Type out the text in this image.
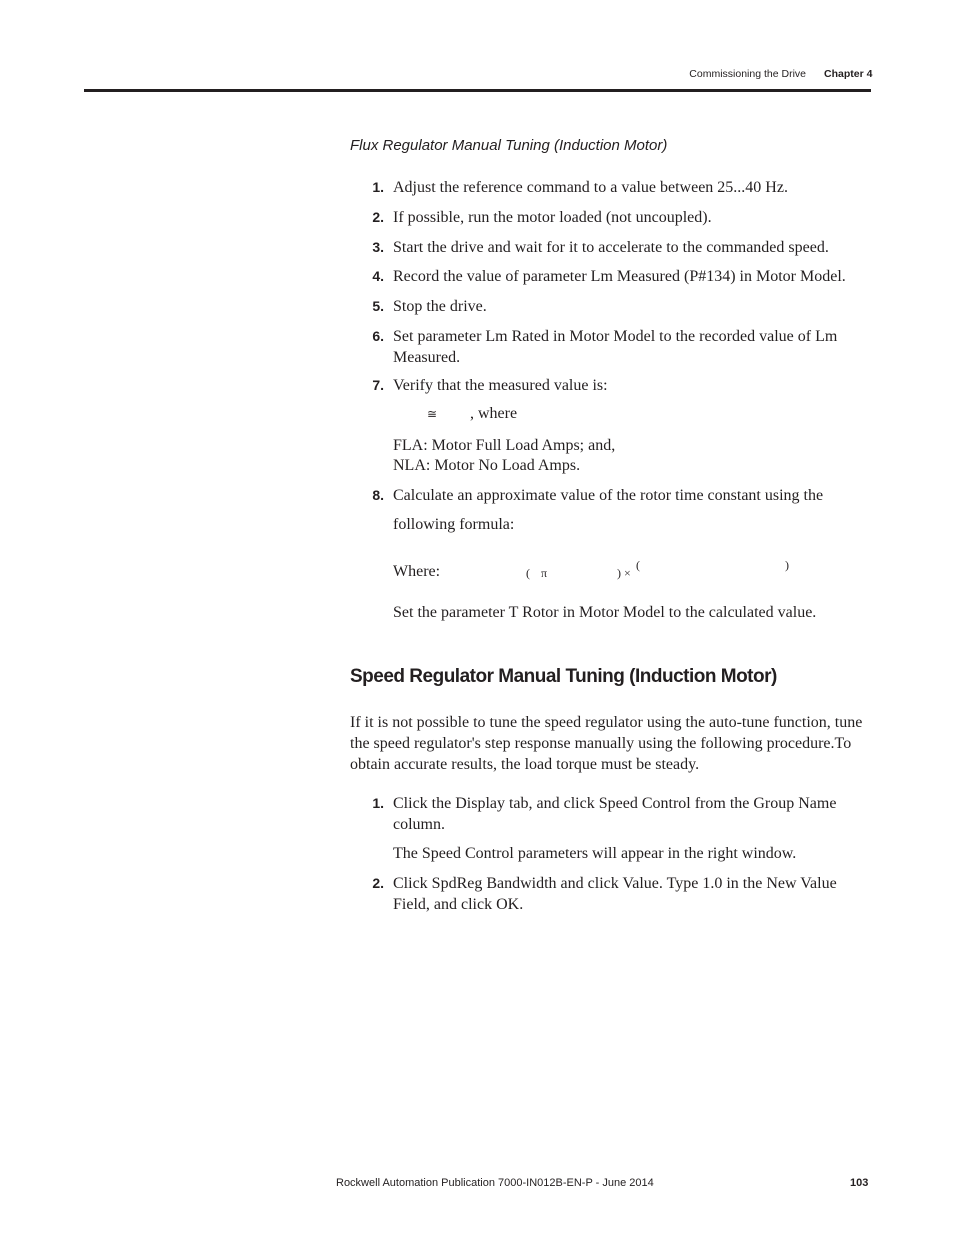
Commissioning the Drive Chapter 4
Flux Regulator Manual Tuning (Induction Motor)
1. Adjust the reference command to a value between 25...40 Hz.
2. If possible, run the motor loaded (not uncoupled).
3. Start the drive and wait for it to accelerate to the commanded speed.
4. Record the value of parameter Lm Measured (P#134) in Motor Model.
5. Stop the drive.
6. Set parameter Lm Rated in Motor Model to the recorded value of Lm Measured.
7. Verify that the measured value is:
≅ , where
FLA: Motor Full Load Amps; and,
NLA: Motor No Load Amps.
8. Calculate an approximate value of the rotor time constant using the following formula:
Where:	( π	) ×
(	)
Set the parameter T Rotor in Motor Model to the calculated value.
Speed Regulator Manual Tuning (Induction Motor)
If it is not possible to tune the speed regulator using the auto-tune function, tune the speed regulator's step response manually using the following procedure.To obtain accurate results, the load torque must be steady.
1. Click the Display tab, and click Speed Control from the Group Name column.
The Speed Control parameters will appear in the right window.
2. Click SpdReg Bandwidth and click Value. Type 1.0 in the New Value Field, and click OK.
Rockwell Automation Publication 7000-IN012B-EN-P - June 2014	103
